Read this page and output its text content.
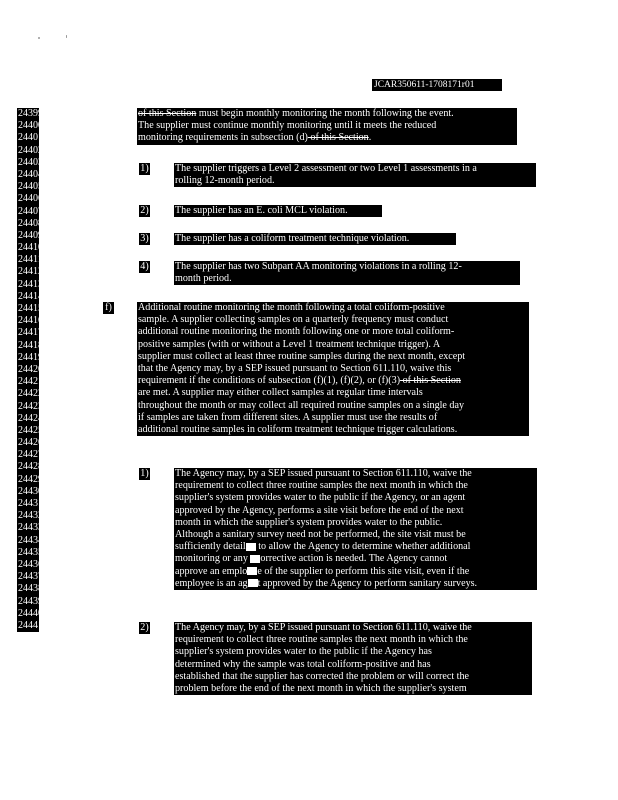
JCAR350611-1708171r01
24399
24400
24401
24402
24403
24404
24405
24406
24407
24408
24409
24410
24411
24412
24413
24414
24415
24416
24417
24418
24419
24420
24421
24422
24423
24424
24425
24426
24427
24428
24429
24430
24431
24432
24433
24434
24435
24436
24437
24438
24439
24440
24441
of this Section must begin monthly monitoring the month following the event.
The supplier must continue monthly monitoring until it meets the reduced
monitoring requirements in subsection (d) of this Section.
1)	The supplier triggers a Level 2 assessment or two Level 1 assessments in a
rolling 12-month period.
2)	The supplier has an E. coli MCL violation.
3)	The supplier has a coliform treatment technique violation.
4)	The supplier has two Subpart AA monitoring violations in a rolling 12-
month period.
f)	Additional routine monitoring the month following a total coliform-positive
sample. A supplier collecting samples on a quarterly frequency must conduct
additional routine monitoring the month following one or more total coliform-
positive samples (with or without a Level 1 treatment technique trigger). A
supplier must collect at least three routine samples during the next month, except
that the Agency may, by a SEP issued pursuant to Section 611.110, waive this
requirement if the conditions of subsection (f)(1), (f)(2), or (f)(3) of this Section
are met. A supplier may either collect samples at regular time intervals
throughout the month or may collect all required routine samples on a single day
if samples are taken from different sites. A supplier must use the results of
additional routine samples in coliform treatment technique trigger calculations.
1)	The Agency may, by a SEP issued pursuant to Section 611.110, waive the
requirement to collect three routine samples the next month in which the
supplier's system provides water to the public if the Agency, or an agent
approved by the Agency, performs a site visit before the end of the next
month in which the supplier's system provides water to the public.
Although a sanitary survey need not be performed, the site visit must be
sufficiently detail to allow the Agency to determine whether additional
monitoring or any orrective action is needed. The Agency cannot
approve an emplo e of the supplier to perform this site visit, even if the
employee is an ag t approved by the Agency to perform sanitary surveys.
2)	The Agency may, by a SEP issued pursuant to Section 611.110, waive the
requirement to collect three routine samples the next month in which the
supplier's system provides water to the public if the Agency has
determined why the sample was total coliform-positive and has
established that the supplier has corrected the problem or will correct the
problem before the end of the next month in which the supplier's system
